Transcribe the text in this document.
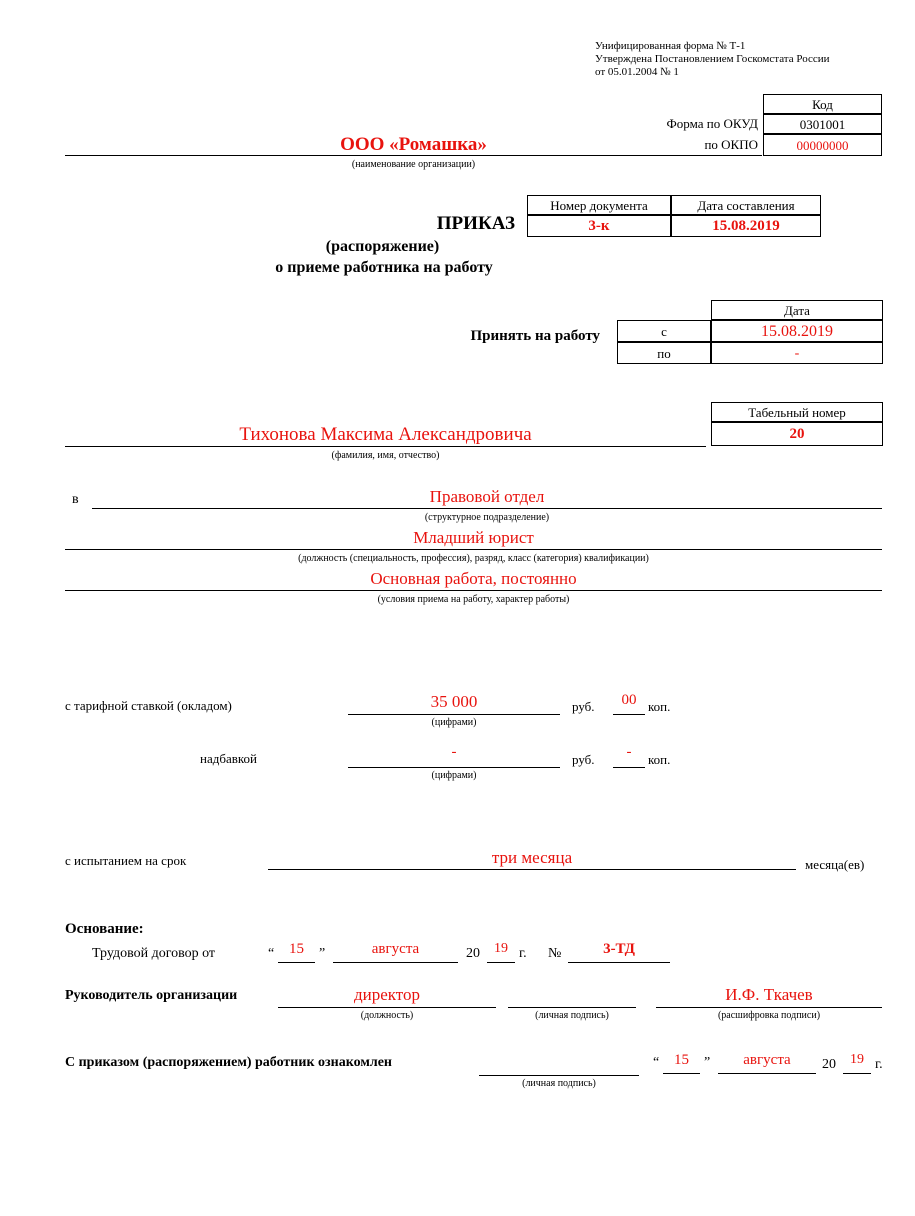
Унифицированная форма № Т-1
Утверждена Постановлением Госкомстата России
от 05.01.2004 № 1
Код
0301001
00000000
Форма по ОКУД
по ОКПО
ООО «Ромашка»
(наименование организации)
Номер документа	Дата составления
3-к	15.08.2019
ПРИКАЗ
(распоряжение)
о приеме работника на работу
Дата
с	15.08.2019
по	-
Принять на работу
Табельный номер
20
Тихонова Максима Александровича
(фамилия, имя, отчество)
в	Правовой отдел
(структурное подразделение)
Младший юрист
(должность (специальность, профессия), разряд, класс (категория) квалификации)
Основная работа, постоянно
(условия приема на работу, характер работы)
с тарифной ставкой (окладом)	35 000
(цифрами)
руб.	00 коп.
надбавкой	-
(цифрами)
руб.	-	коп.
с испытанием на срок	три месяца	месяца(ев)
Основание:
Трудовой договор от	“ 15	”	августа	20	19 г. №	3-ТД
Руководитель организации	директор
(должность)	(личная подпись)
И.Ф. Ткачев
(расшифровка подписи)
С приказом (распоряжением) работник ознакомлен
(личная подпись)
“ 15	”	августа	20	19 г.
